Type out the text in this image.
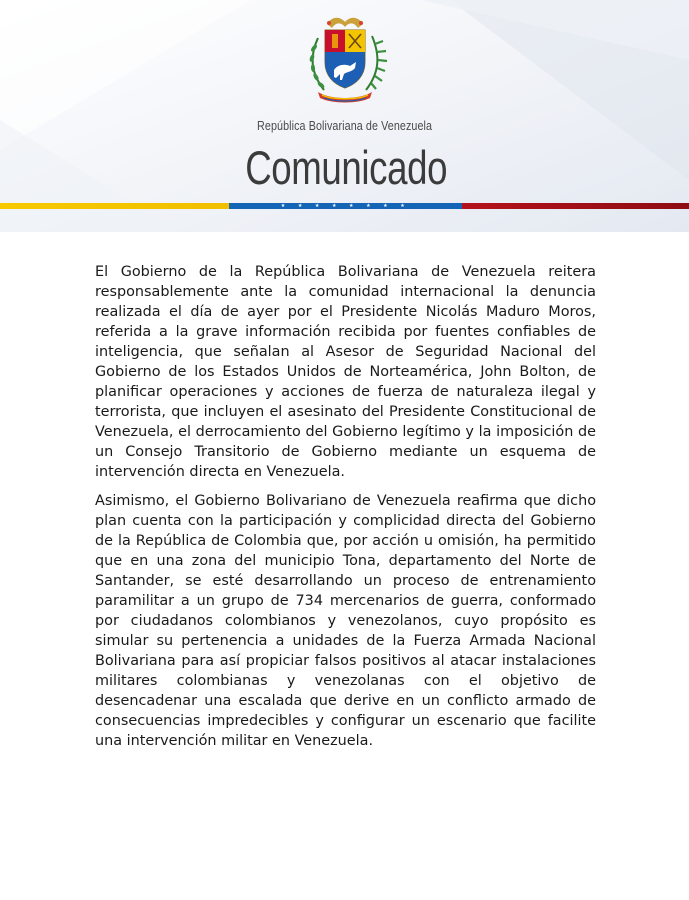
República Bolivariana de Venezuela
Comunicado
★ ★ ★ ★ ★ ★ ★ ★

El Gobierno de la República Bolivariana de Venezuela reitera responsablemente ante la comunidad internacional la denuncia realizada el día de ayer por el Presidente Nicolás Maduro Moros, referida a la grave información recibida por fuentes confiables de inteligencia, que señalan al Asesor de Seguridad Nacional del Gobierno de los Estados Unidos de Norteamérica, John Bolton, de planificar operaciones y acciones de fuerza de naturaleza ilegal y terrorista, que incluyen el asesinato del Presidente Constitucional de Venezuela, el derrocamiento del Gobierno legítimo y la imposición de un Consejo Transitorio de Gobierno mediante un esquema de intervención directa en Venezuela.

Asimismo, el Gobierno Bolivariano de Venezuela reafirma que dicho plan cuenta con la participación y complicidad directa del Gobierno de la República de Colombia que, por acción u omisión, ha permitido que en una zona del municipio Tona, departamento del Norte de Santander, se esté desarrollando un proceso de entrenamiento paramilitar a un grupo de 734 mercenarios de guerra, conformado por ciudadanos colombianos y venezolanos, cuyo propósito es simular su pertenencia a unidades de la Fuerza Armada Nacional Bolivariana para así propiciar falsos positivos al atacar instalaciones militares colombianas y venezolanas con el objetivo de desencadenar una escalada que derive en un conflicto armado de consecuencias impredecibles y configurar un escenario que facilite una intervención militar en Venezuela.
